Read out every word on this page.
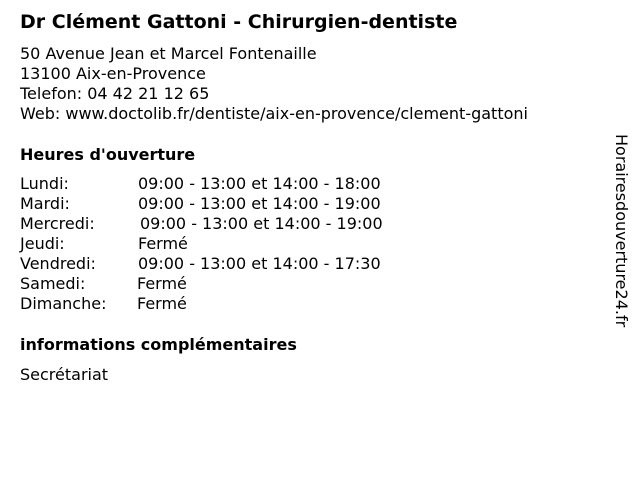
Dr Clément Gattoni - Chirurgien-dentiste
50 Avenue Jean et Marcel Fontenaille
13100 Aix-en-Provence
Telefon: 04 42 21 12 65
Web: www.doctolib.fr/dentiste/aix-en-provence/clement-gattoni
Heures d'ouverture
Lundi:	09:00 - 13:00 et 14:00 - 18:00
Mardi:	09:00 - 13:00 et 14:00 - 19:00
Mercredi:	09:00 - 13:00 et 14:00 - 19:00
Jeudi:	Fermé
Vendredi:	09:00 - 13:00 et 14:00 - 17:30
Samedi:	Fermé
Dimanche: Fermé
informations complémentaires
Secrétariat
Horairesdouverture24.fr
